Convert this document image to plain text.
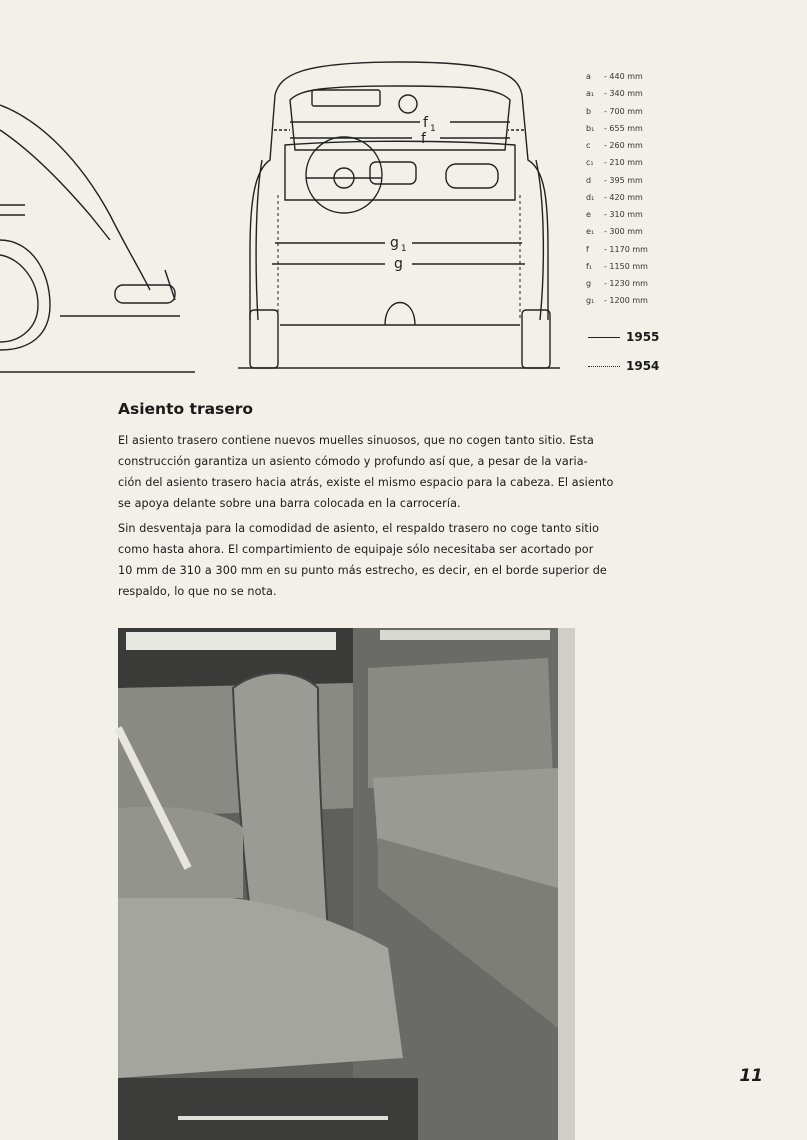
f $_1$
f
g $_1$
g
a - 440 mm
a₁ - 340 mm
b - 700 mm
b₁ - 655 mm
c - 260 mm
c₁ - 210 mm
d - 395 mm
d₁ - 420 mm
e - 310 mm
e₁ - 300 mm
f - 1170 mm
f₁ - 1150 mm
g - 1230 mm
g₁ - 1200 mm
1955
1954
Asiento trasero
El asiento trasero contiene nuevos muelles sinuosos, que no cogen tanto sitio. Esta
construcción garantiza un asiento cómodo y profundo así que, a pesar de la varia-
ción del asiento trasero hacia atrás, existe el mismo espacio para la cabeza. El asiento
se apoya delante sobre una barra colocada en la carrocería.
Sin desventaja para la comodidad de asiento, el respaldo trasero no coge tanto sitio
como hasta ahora. El compartimiento de equipaje sólo necesitaba ser acortado por
10 mm de 310 a 300 mm en su punto más estrecho, es decir, en el borde superior de
respaldo, lo que no se nota.
11
